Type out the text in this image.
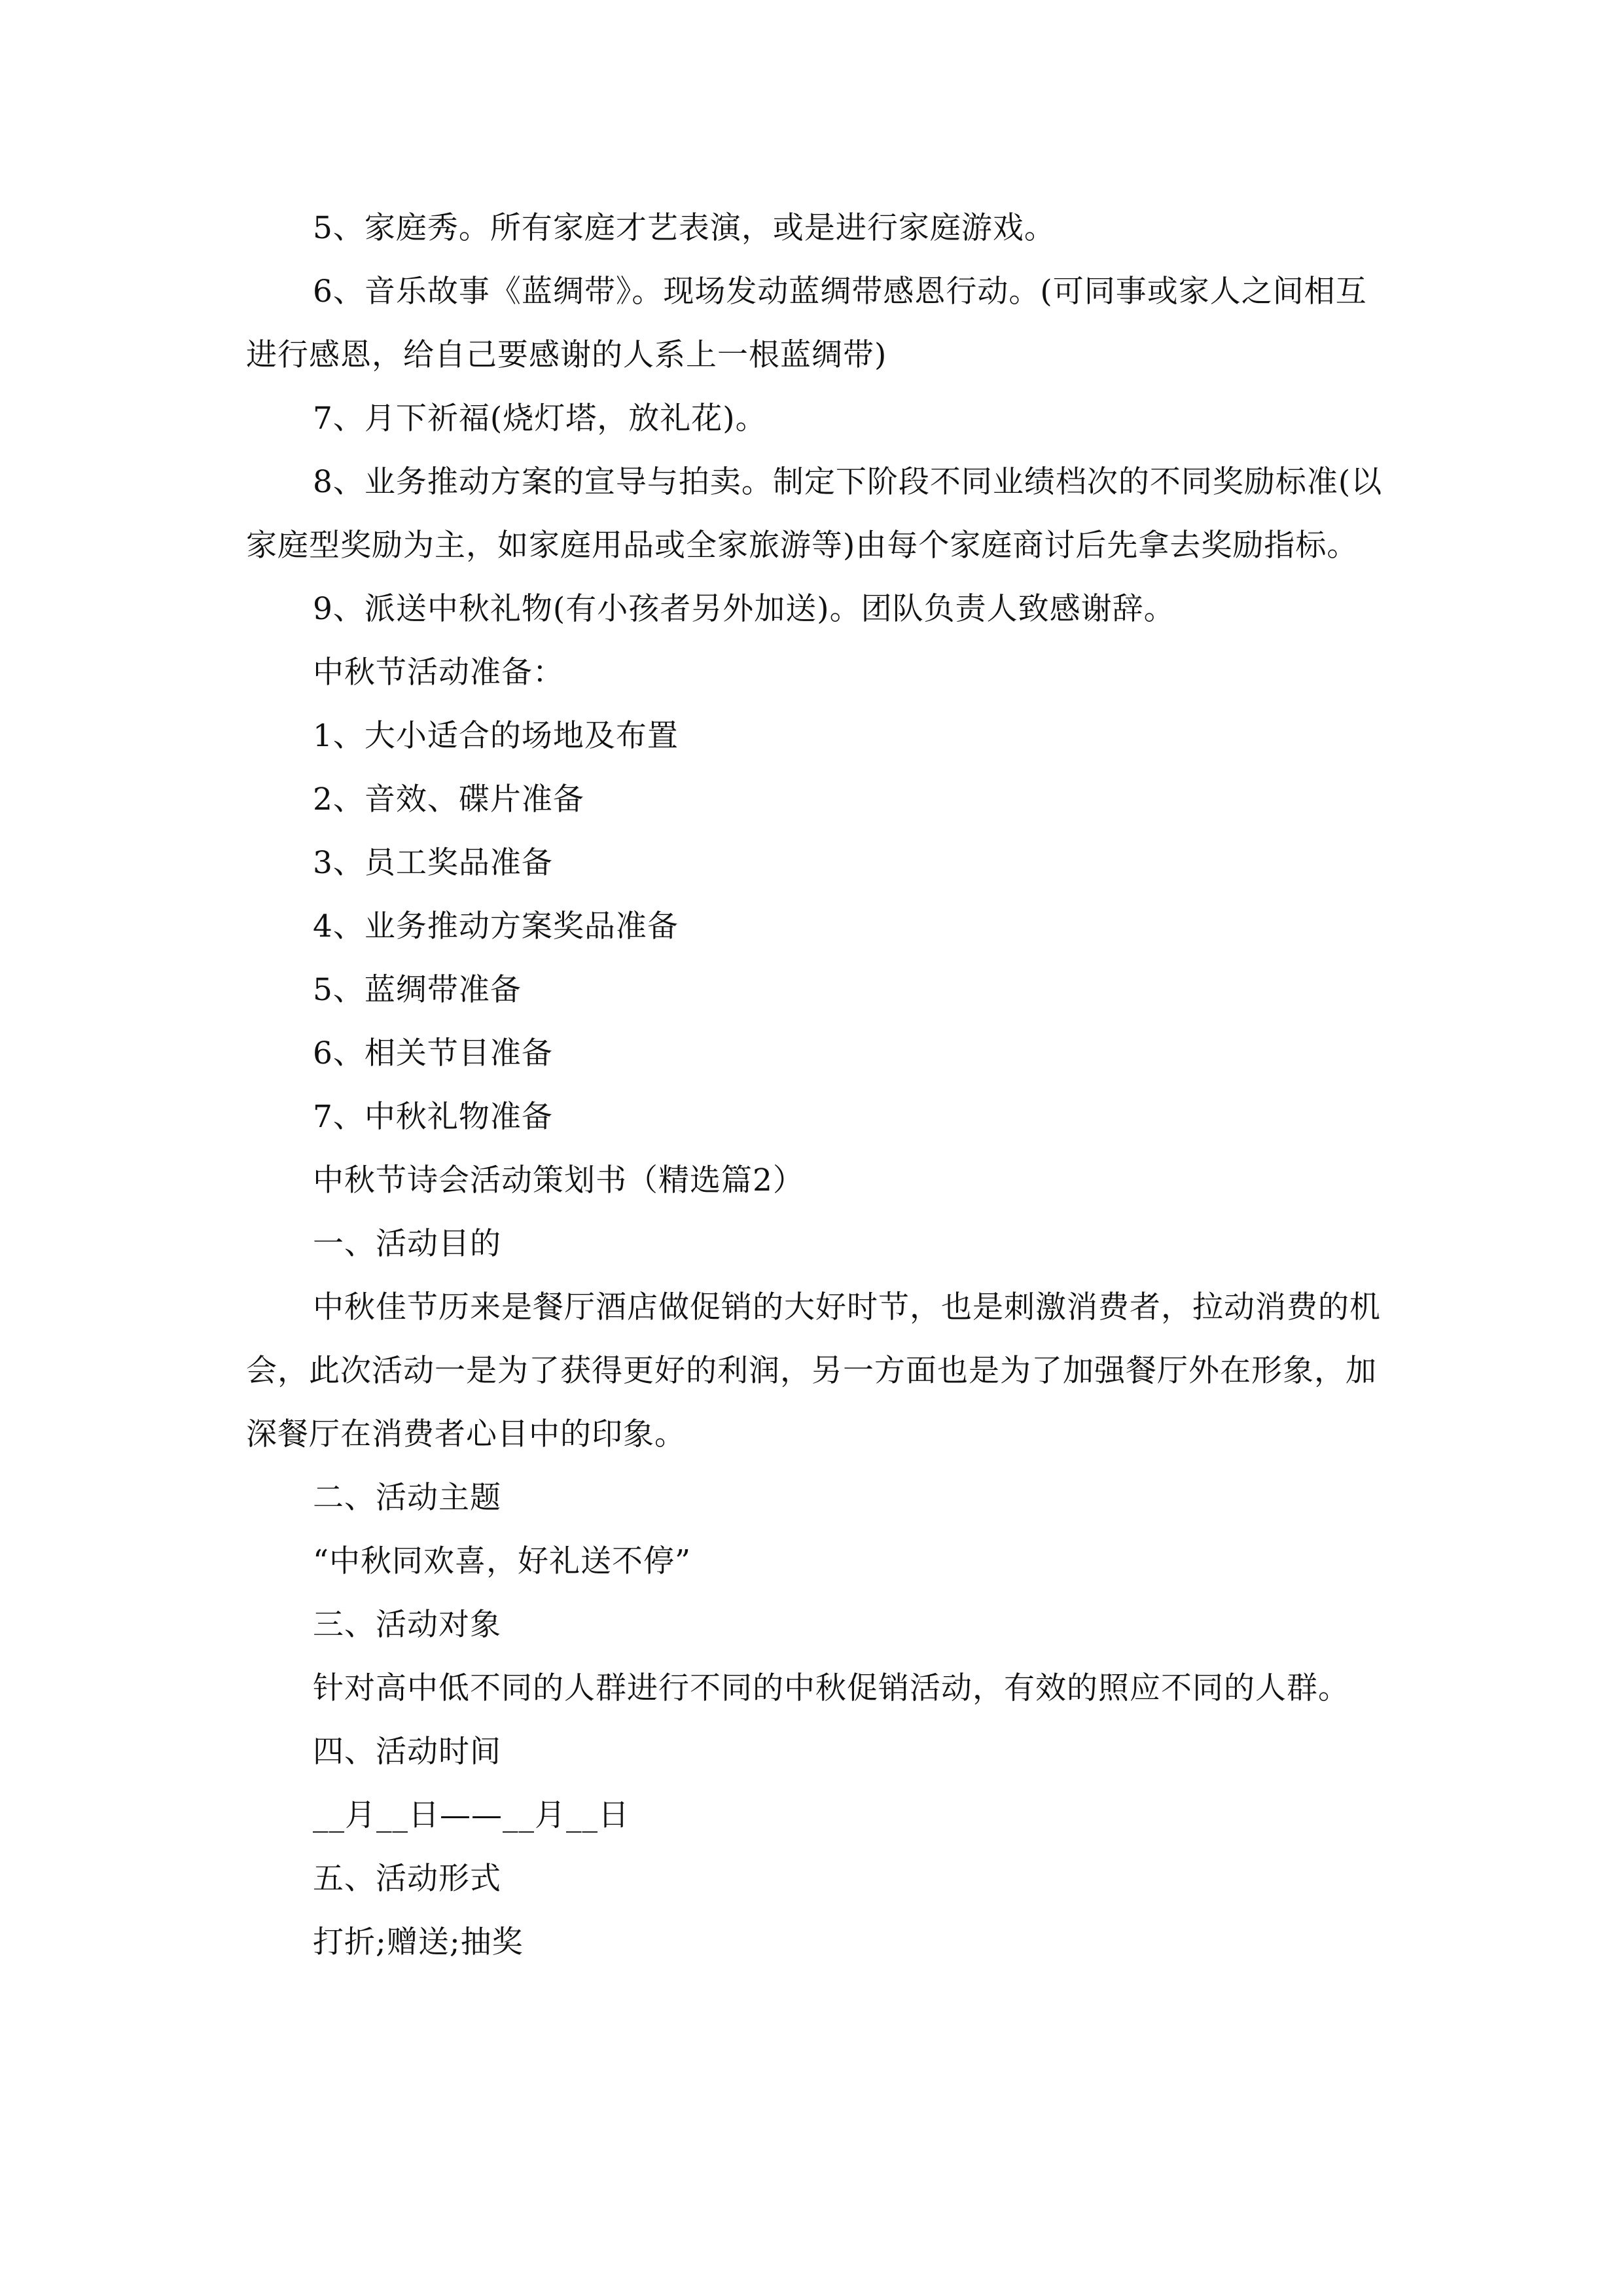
5、家庭秀。所有家庭才艺表演，或是进行家庭游戏。

6、音乐故事《蓝绸带》。现场发动蓝绸带感恩行动。(可同事或家人之间相互进行感恩，给自己要感谢的人系上一根蓝绸带)

7、月下祈福(烧灯塔，放礼花)。

8、业务推动方案的宣导与拍卖。制定下阶段不同业绩档次的不同奖励标准(以家庭型奖励为主，如家庭用品或全家旅游等)由每个家庭商讨后先拿去奖励指标。

9、派送中秋礼物(有小孩者另外加送)。团队负责人致感谢辞。

中秋节活动准备：

1、大小适合的场地及布置

2、音效、碟片准备

3、员工奖品准备

4、业务推动方案奖品准备

5、蓝绸带准备

6、相关节目准备

7、中秋礼物准备

中秋节诗会活动策划书（精选篇2）

一、活动目的

中秋佳节历来是餐厅酒店做促销的大好时节，也是刺激消费者，拉动消费的机会，此次活动一是为了获得更好的利润，另一方面也是为了加强餐厅外在形象，加深餐厅在消费者心目中的印象。

二、活动主题

“中秋同欢喜，好礼送不停”

三、活动对象

针对高中低不同的人群进行不同的中秋促销活动，有效的照应不同的人群。

四、活动时间

__月__日——__月__日

五、活动形式

打折;赠送;抽奖
